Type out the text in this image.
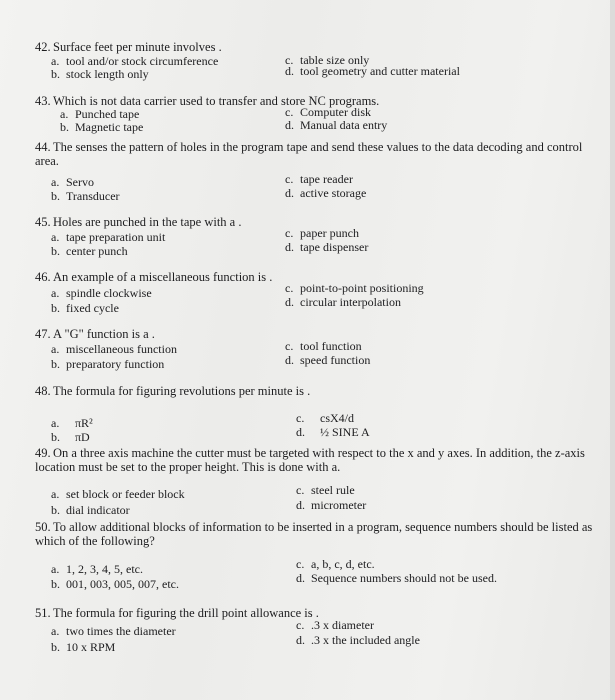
42. Surface feet per minute involves .
a. tool and/or stock circumference
b. stock length only
c. table size only
d. tool geometry and cutter material
43. Which is not data carrier used to transfer and store NC programs.
a. Punched tape
b. Magnetic tape
c. Computer disk
d. Manual data entry
44. The senses the pattern of holes in the program tape and send these values to the data decoding and control area.
a. Servo
b. Transducer
c. tape reader
d. active storage
45. Holes are punched in the tape with a .
a. tape preparation unit
b. center punch
c. paper punch
d. tape dispenser
46. An example of a miscellaneous function is .
a. spindle clockwise
b. fixed cycle
c. point-to-point positioning
d. circular interpolation
47. A "G" function is a .
a. miscellaneous function
b. preparatory function
c. tool function
d. speed function
48. The formula for figuring revolutions per minute is .
a. πR²
b. πD
c. csX4/d
d. ½ SINE A
49. On a three axis machine the cutter must be targeted with respect to the x and y axes. In addition, the z-axis location must be set to the proper height. This is done with a.
a. set block or feeder block
b. dial indicator
c. steel rule
d. micrometer
50. To allow additional blocks of information to be inserted in a program, sequence numbers should be listed as which of the following?
a. 1, 2, 3, 4, 5, etc.
b. 001, 003, 005, 007, etc.
c. a, b, c, d, etc.
d. Sequence numbers should not be used.
51. The formula for figuring the drill point allowance is .
a. two times the diameter
b. 10 x RPM
c. .3 x diameter
d. .3 x the included angle
